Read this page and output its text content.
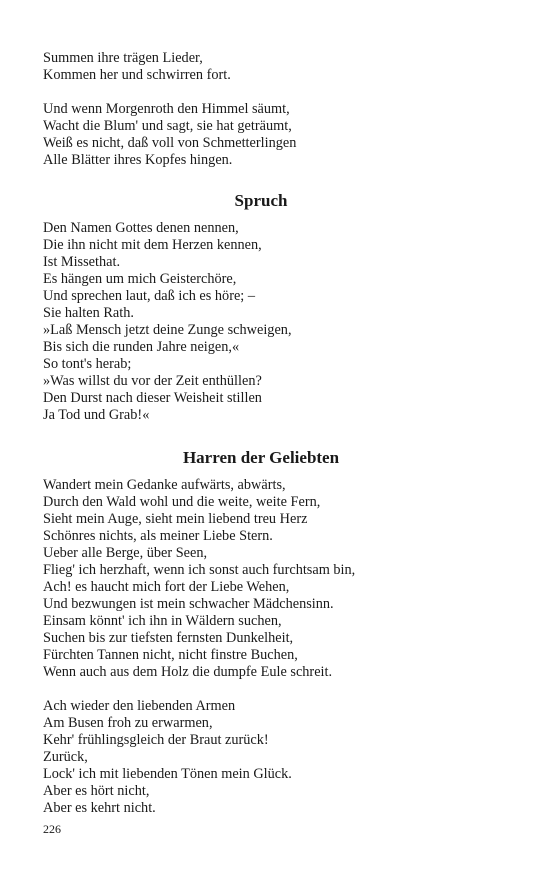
Summen ihre trägen Lieder,
Kommen her und schwirren fort.
Und wenn Morgenroth den Himmel säumt,
Wacht die Blum' und sagt, sie hat geträumt,
Weiß es nicht, daß voll von Schmetterlingen
Alle Blätter ihres Kopfes hingen.
Spruch
Den Namen Gottes denen nennen,
Die ihn nicht mit dem Herzen kennen,
Ist Missethat.
Es hängen um mich Geisterchöre,
Und sprechen laut, daß ich es höre; –
Sie halten Rath.
»Laß Mensch jetzt deine Zunge schweigen,
Bis sich die runden Jahre neigen,«
So tont's herab;
»Was willst du vor der Zeit enthüllen?
Den Durst nach dieser Weisheit stillen
Ja Tod und Grab!«
Harren der Geliebten
Wandert mein Gedanke aufwärts, abwärts,
Durch den Wald wohl und die weite, weite Fern,
Sieht mein Auge, sieht mein liebend treu Herz
Schönres nichts, als meiner Liebe Stern.
Ueber alle Berge, über Seen,
Flieg' ich herzhaft, wenn ich sonst auch furchtsam bin,
Ach! es haucht mich fort der Liebe Wehen,
Und bezwungen ist mein schwacher Mädchensinn.
Einsam könnt' ich ihn in Wäldern suchen,
Suchen bis zur tiefsten fernsten Dunkelheit,
Fürchten Tannen nicht, nicht finstre Buchen,
Wenn auch aus dem Holz die dumpfe Eule schreit.
Ach wieder den liebenden Armen
Am Busen froh zu erwarmen,
Kehr' frühlingsgleich der Braut zurück!
Zurück,
Lock' ich mit liebenden Tönen mein Glück.
Aber es hört nicht,
Aber es kehrt nicht.
226
